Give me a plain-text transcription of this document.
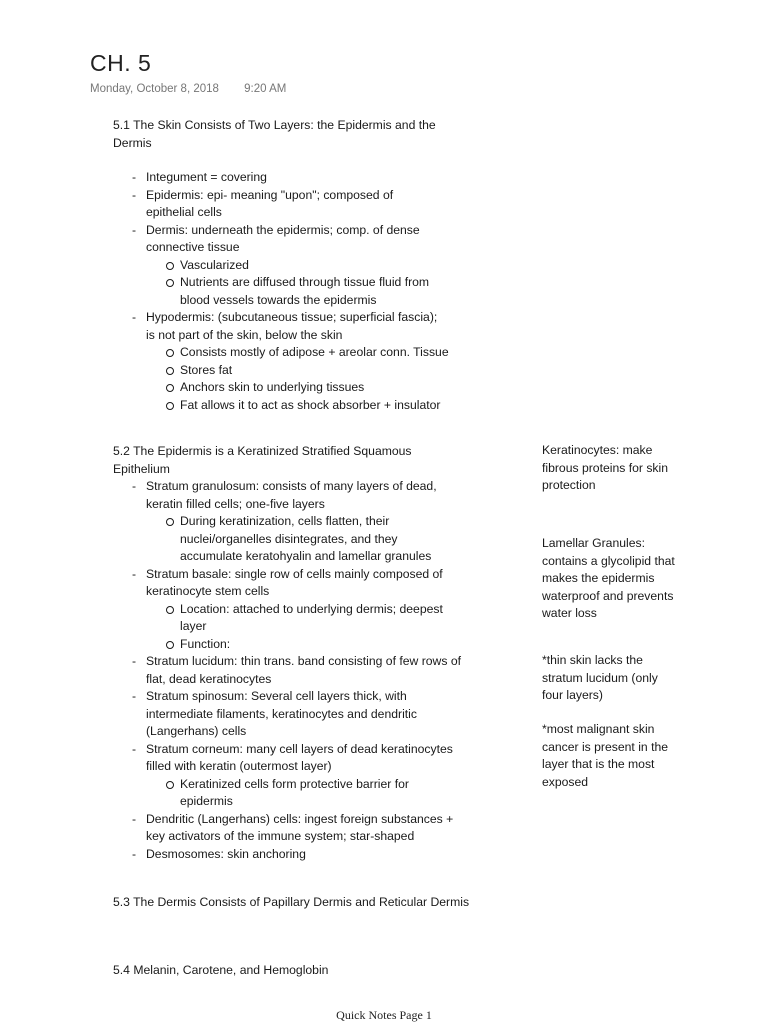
CH. 5
Monday, October 8, 2018 9:20 AM

5.1 The Skin Consists of Two Layers: the Epidermis and the Dermis

- Integument = covering
- Epidermis: epi- meaning "upon"; composed of epithelial cells
- Dermis: underneath the epidermis; comp. of dense connective tissue
Vascularized
Nutrients are diffused through tissue fluid from blood vessels towards the epidermis
- Hypodermis: (subcutaneous tissue; superficial fascia); is not part of the skin, below the skin
Consists mostly of adipose + areolar conn. Tissue
Stores fat
Anchors skin to underlying tissues
Fat allows it to act as shock absorber + insulator

5.2 The Epidermis is a Keratinized Stratified Squamous Epithelium

- Stratum granulosum: consists of many layers of dead, keratin filled cells; one-five layers
During keratinization, cells flatten, their nuclei/organelles disintegrates, and they accumulate keratohyalin and lamellar granules
- Stratum basale: single row of cells mainly composed of keratinocyte stem cells
Location: attached to underlying dermis; deepest layer
Function:
- Stratum lucidum: thin trans. band consisting of few rows of flat, dead keratinocytes
- Stratum spinosum: Several cell layers thick, with intermediate filaments, keratinocytes and dendritic (Langerhans) cells
- Stratum corneum: many cell layers of dead keratinocytes filled with keratin (outermost layer)
Keratinized cells form protective barrier for epidermis
- Dendritic (Langerhans) cells: ingest foreign substances + key activators of the immune system; star-shaped
- Desmosomes: skin anchoring

5.3 The Dermis Consists of Papillary Dermis and Reticular Dermis

5.4 Melanin, Carotene, and Hemoglobin

Keratinocytes: make fibrous proteins for skin protection
Lamellar Granules: contains a glycolipid that makes the epidermis waterproof and prevents water loss
*thin skin lacks the stratum lucidum (only four layers)
*most malignant skin cancer is present in the layer that is the most exposed
Quick Notes Page 1
